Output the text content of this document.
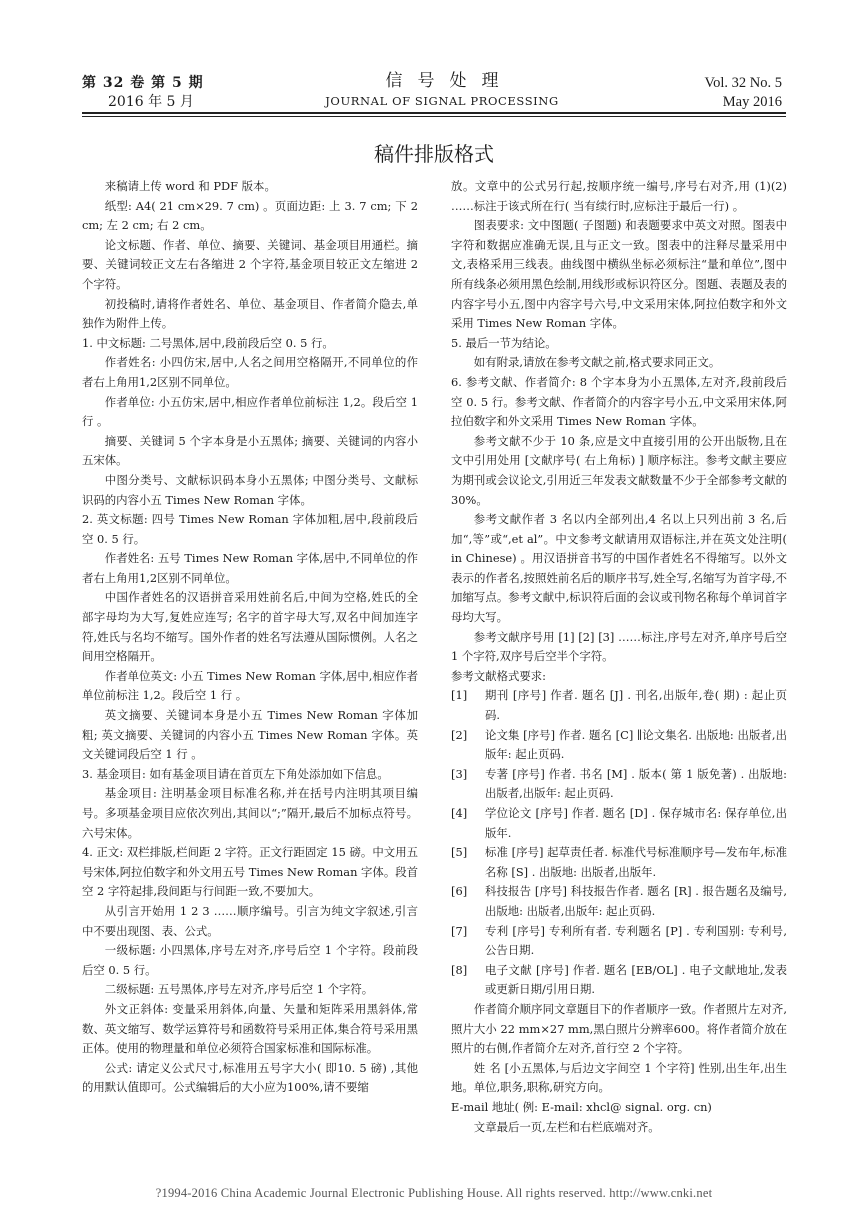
第 32 卷 第 5 期
2016 年 5 月
信号处理
JOURNAL OF SIGNAL PROCESSING
Vol. 32 No. 5
May 2016
稿件排版格式

来稿请上传 word 和 PDF 版本。

纸型: A4( 21 cm×29. 7 cm) 。页面边距: 上 3. 7 cm; 下 2 cm; 左 2 cm; 右 2 cm。

论文标题、作者、单位、摘要、关键词、基金项目用通栏。摘要、关键词较正文左右各缩进 2 个字符,基金项目较正文左缩进 2 个字符。

初投稿时,请将作者姓名、单位、基金项目、作者简介隐去,单独作为附件上传。

1. 中文标题: 二号黑体,居中,段前段后空 0. 5 行。

作者姓名: 小四仿宋,居中,人名之间用空格隔开,不同单位的作者右上角用1,2区别不同单位。

作者单位: 小五仿宋,居中,相应作者单位前标注 1,2。段后空 1 行 。

摘要、关键词 5 个字本身是小五黑体; 摘要、关键词的内容小五宋体。

中图分类号、文献标识码本身小五黑体; 中图分类号、文献标识码的内容小五 Times New Roman 字体。

2. 英文标题: 四号 Times New Roman 字体加粗,居中,段前段后空 0. 5 行。

作者姓名: 五号 Times New Roman 字体,居中,不同单位的作者右上角用1,2区别不同单位。

中国作者姓名的汉语拼音采用姓前名后,中间为空格,姓氏的全部字母均为大写,复姓应连写; 名字的首字母大写,双名中间加连字符,姓氏与名均不缩写。国外作者的姓名写法遵从国际惯例。人名之间用空格隔开。

作者单位英文: 小五 Times New Roman 字体,居中,相应作者单位前标注 1,2。段后空 1 行 。

英文摘要、关键词本身是小五 Times New Roman 字体加粗; 英文摘要、关键词的内容小五 Times New Roman 字体。英文关键词段后空 1 行 。

3. 基金项目: 如有基金项目请在首页左下角处添加如下信息。

基金项目: 注明基金项目标准名称,并在括号内注明其项目编号。多项基金项目应依次列出,其间以“;”隔开,最后不加标点符号。六号宋体。

4. 正文: 双栏排版,栏间距 2 字符。正文行距固定 15 磅。中文用五号宋体,阿拉伯数字和外文用五号 Times New Roman 字体。段首空 2 字符起排,段间距与行间距一致,不要加大。

从引言开始用 1 2 3 ……顺序编号。引言为纯文字叙述,引言中不要出现图、表、公式。

一级标题: 小四黑体,序号左对齐,序号后空 1 个字符。段前段后空 0. 5 行。

二级标题: 五号黑体,序号左对齐,序号后空 1 个字符。

外文正斜体: 变量采用斜体,向量、矢量和矩阵采用黑斜体,常数、英文缩写、数学运算符号和函数符号采用正体,集合符号采用黑正体。使用的物理量和单位必须符合国家标准和国际标准。

公式: 请定义公式尺寸,标准用五号字大小( 即10. 5 磅) ,其他的用默认值即可。公式编辑后的大小应为100%,请不要缩

放。文章中的公式另行起,按顺序统一编号,序号右对齐,用 (1)(2) ……标注于该式所在行( 当有续行时,应标注于最后一行) 。

图表要求: 文中图题( 子图题) 和表题要求中英文对照。图表中字符和数据应准确无误,且与正文一致。图表中的注释尽量采用中文,表格采用三线表。曲线图中横纵坐标必须标注“量和单位”,图中所有线条必须用黑色绘制,用线形或标识符区分。图题、表题及表的内容字号小五,图中内容字号六号,中文采用宋体,阿拉伯数字和外文采用 Times New Roman 字体。

5. 最后一节为结论。

如有附录,请放在参考文献之前,格式要求同正文。

6. 参考文献、作者简介: 8 个字本身为小五黑体,左对齐,段前段后空 0. 5 行。参考文献、作者简介的内容字号小五,中文采用宋体,阿拉伯数字和外文采用 Times New Roman 字体。

参考文献不少于 10 条,应是文中直接引用的公开出版物,且在文中引用处用 [文献序号( 右上角标) ] 顺序标注。参考文献主要应为期刊或会议论文,引用近三年发表文献数量不少于全部参考文献的30%。

参考文献作者 3 名以内全部列出,4 名以上只列出前 3 名,后加“,等”或“,et al”。中文参考文献请用双语标注,并在英文处注明( in Chinese) 。用汉语拼音书写的中国作者姓名不得缩写。以外文表示的作者名,按照姓前名后的顺序书写,姓全写,名缩写为首字母,不加缩写点。参考文献中,标识符后面的会议或刊物名称每个单词首字母均大写。

参考文献序号用 [1] [2] [3] ……标注,序号左对齐,单序号后空 1 个字符,双序号后空半个字符。

参考文献格式要求:

[1] 期刊 [序号] 作者. 题名 [J] . 刊名,出版年,卷( 期) : 起止页码.

[2] 论文集 [序号] 作者. 题名 [C] ∥论文集名. 出版地: 出版者,出版年: 起止页码.

[3] 专著 [序号] 作者. 书名 [M] . 版本( 第 1 版免著) . 出版地: 出版者,出版年: 起止页码.

[4] 学位论文 [序号] 作者. 题名 [D] . 保存城市名: 保存单位,出版年.

[5] 标准 [序号] 起草责任者. 标准代号标准顺序号—发布年,标准名称 [S] . 出版地: 出版者,出版年.

[6] 科技报告 [序号] 科技报告作者. 题名 [R] . 报告题名及编号,出版地: 出版者,出版年: 起止页码.

[7] 专利 [序号] 专利所有者. 专利题名 [P] . 专利国别: 专利号,公告日期.

[8] 电子文献 [序号] 作者. 题名 [EB/OL] . 电子文献地址,发表或更新日期/引用日期.

作者简介顺序同文章题目下的作者顺序一致。作者照片左对齐,照片大小 22 mm×27 mm,黑白照片分辨率600。将作者简介放在照片的右侧,作者简介左对齐,首行空 2 个字符。

姓 名 [小五黑体,与后边文字间空 1 个字符] 性别,出生年,出生地。单位,职务,职称,研究方向。

E-mail 地址( 例: E-mail: xhcl@ signal. org. cn)

文章最后一页,左栏和右栏底端对齐。

?1994-2016 China Academic Journal Electronic Publishing House. All rights reserved. http://www.cnki.net
